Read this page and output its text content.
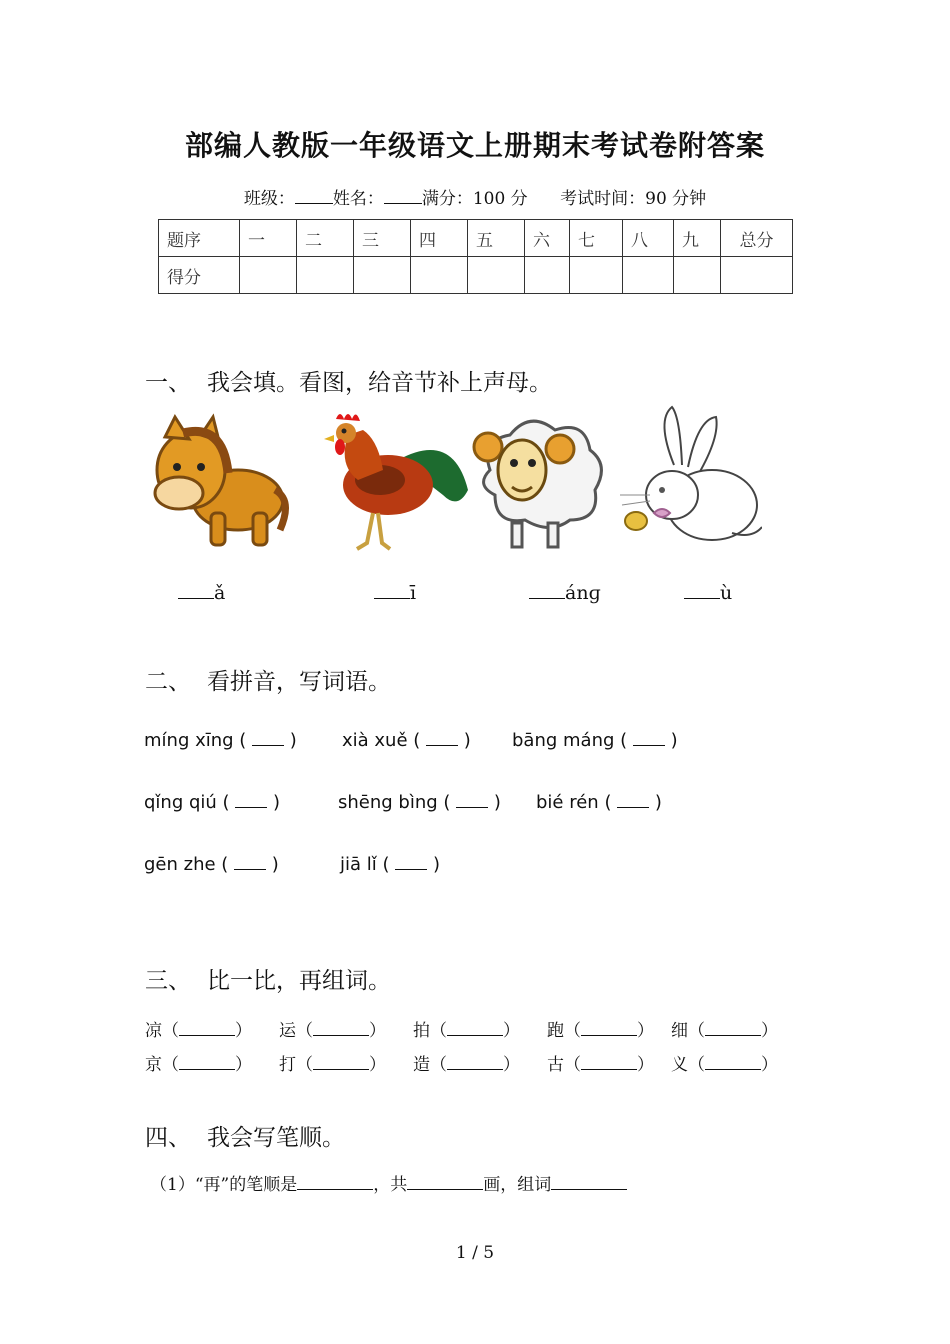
部编人教版一年级语文上册期末考试卷附答案
班级： 姓名： 满分：100 分 考试时间：90 分钟
题序	一	二	三	四	五	六	七	八	九	总分
得分										
一、 我会填。看图，给音节补上声母。
ǎ	ī	ánɡ	ù
二、 看拼音，写词语。
míng xīng (  )	xià xuě (  ) bāng máng (  )
qǐng qiú (  )	shēng bìng (  ) bié rén (  )
gēn zhe (  )	jiā lǐ (  )
三、 比一比，再组词。
凉（	） 运（	） 拍（	） 跑（	） 细（	）
京（	） 打（	） 造（	） 古（	） 义（	）
四、 我会写笔顺。
（1）“再”的笔顺是	，共	画，组词
1 / 5
